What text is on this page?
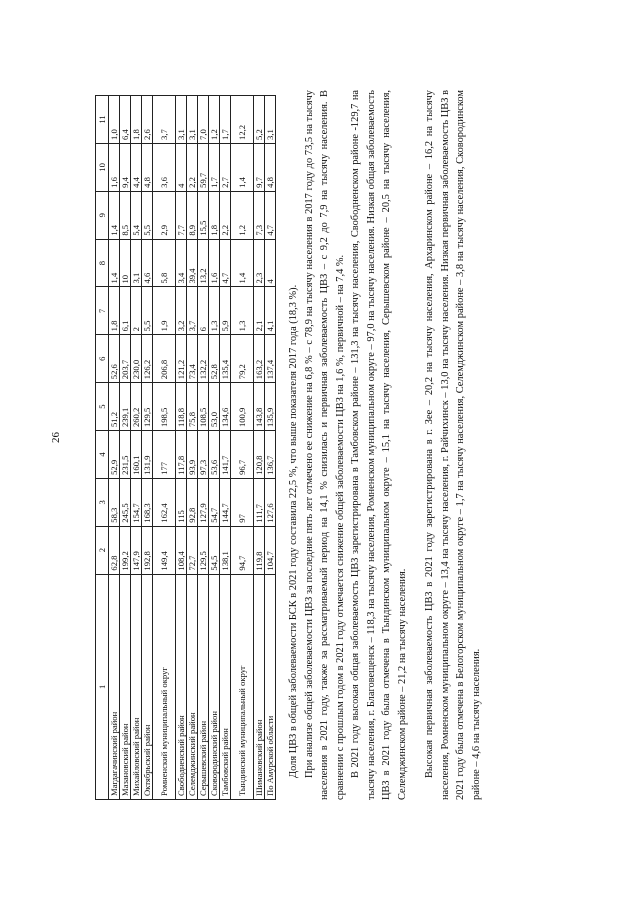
26
1	2	3	4	5	6	7	8	9	10	11
Магдагачинский район	62,8	58,3	52,9	51,2	52,6	1,8	1,4	1,4	1,6	1,0
Мазановский район	199,2	245,5	231,5	239,1	203,7	6,1	10	8,5	9,4	6,4
Михайловский район	147,9	154,7	160,1	260,2	230,0	2	3,1	5,4	4,4	1,8
Октябрьский район	192,8	168,3	131,9	129,5	126,2	5,5	4,6	5,5	4,8	2,6
Ромненский муниципальный округ	149,4	162,4	177	198,5	206,8	1,9	5,8	2,9	3,6	3,7
Свободненский район	108,4	115	117,8	118,8	121,2	3,2	3,4	7,7	4	3,1
Селемджинский район	72,7	92,8	93,9	75,8	73,4	3,7	39,4	8,9	2,2	3,1
Серышевский район	129,5	127,9	97,3	108,5	132,2	6	13,2	15,5	59,7	7,0
Сковородинский район	54,5	54,7	53,6	53,0	52,8	1,3	1,6	1,8	1,7	1,2
Тамбовский район	138,1	144,7	141,7	134,6	135,4	5,9	4,7	2,2	2,7	1,7
Тындинский муниципальный округ	94,7	97	96,7	100,9	79,2	1,3	1,4	1,2	1,4	12,2
Шимановский район	119,8	111,7	120,8	143,8	163,2	2,1	2,3	7,3	9,7	5,2
По Амурской области	104,7	127,6	136,7	135,9	137,4	4,1	4	4,7	4,8	3,1

Доля ЦВЗ в общей заболеваемости БСК в 2021 году составила 22,5 %, что выше показателя 2017 года (18,3 %). При анализе общей заболеваемости ЦВЗ за последние пять лет отмечено ее снижение на 6,8 % – с 78,9 на тысячу населения в 2017 году до 73,5 на тысячу населения в 2021 году, также за рассматриваемый период на 14,1 % снизилась и первичная заболеваемость ЦВЗ – с 9,2 до 7,9 на тысячу населения. В сравнении с прошлым годом в 2021 году отмечается снижение общей заболеваемости ЦВЗ на 1,6 %, первичной – на 7,4 %. В 2021 году высокая общая заболеваемость ЦВЗ зарегистрирована в Тамбовском районе – 131,3 на тысячу населения, Свободненском районе -129,7 на тысячу населения, г. Благовещенск – 118,3 на тысячу населения, Ромненском муниципальном округе – 97,0 на тысячу населения. Низкая общая заболеваемость ЦВЗ в 2021 году была отмечена в Тындинском муниципальном округе – 15,1 на тысячу населения, Серышевском районе – 20,5 на тысячу населения, Селемджинском районе – 21,2 на тысячу населения. Высокая первичная заболеваемость ЦВЗ в 2021 году зарегистрирована в г. Зее – 20,2 на тысячу населения, Архаринском районе – 16,2 на тысячу населения, Ромненском муниципальном округе – 13,4 на тысячу населения, г. Райчихинск – 13,0 на тысячу населения. Низкая первичная заболеваемость ЦВЗ в 2021 году была отмечена в Белогорском муниципальном округе – 1,7 на тысячу населения, Селемджинском районе – 3,8 на тысячу населения, Сковородинском районе – 4,6 на тысячу населения.
